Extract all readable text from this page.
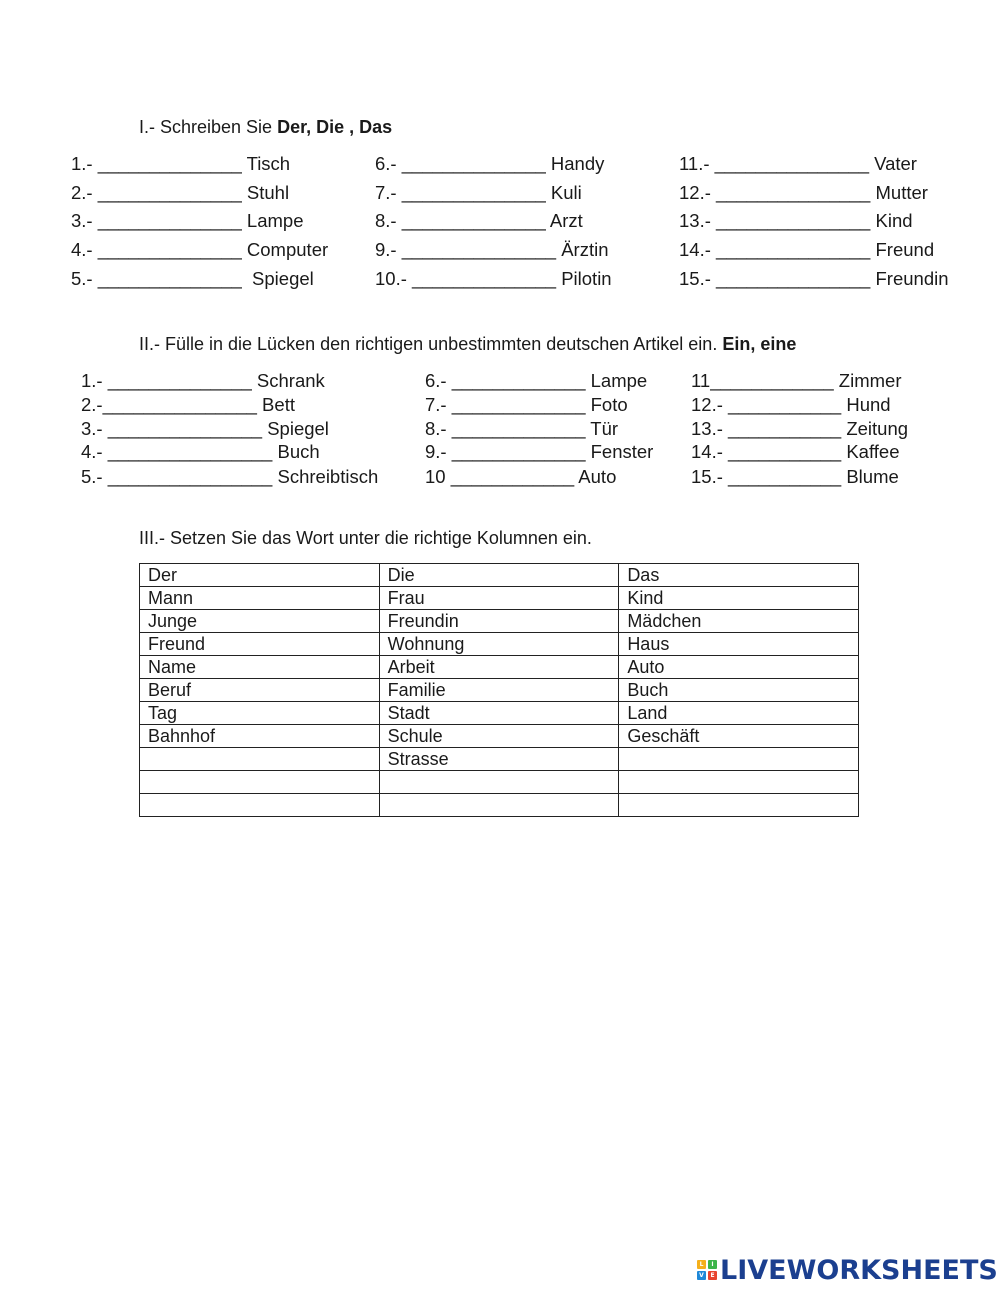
I.- Schreiben Sie Der, Die , Das
1.- ______________ Tisch
2.- ______________ Stuhl
3.- ______________ Lampe
4.- ______________ Computer
5.- ______________  Spiegel
6.- ______________ Handy
7.- ______________ Kuli
8.- ______________ Arzt
9.- _______________ Ärztin
10.- ______________ Pilotin
11.- _______________ Vater
12.- _______________ Mutter
13.- _______________ Kind
14.- _______________ Freund
15.- _______________ Freundin
II.- Fülle in die Lücken den richtigen unbestimmten deutschen Artikel ein. Ein, eine
1.- ______________ Schrank
2.-_______________ Bett
3.- _______________ Spiegel
4.- ________________ Buch
5.- ________________ Schreibtisch
6.- _____________ Lampe
7.- _____________ Foto
8.- _____________ Tür
9.- _____________ Fenster
10 ____________ Auto
11____________ Zimmer
12.- ___________ Hund
13.- ___________ Zeitung
14.- ___________ Kaffee
15.- ___________ Blume
III.- Setzen Sie das Wort unter die richtige Kolumnen ein.
Der	Die	Das
Mann	Frau	Kind
Junge	Freundin	Mädchen
Freund	Wohnung	Haus
Name	Arbeit	Auto
Beruf	Familie	Buch
Tag	Stadt	Land
Bahnhof	Schule	Geschäft
	Strasse	

L	I
V	E LIVEWORKSHEETS
